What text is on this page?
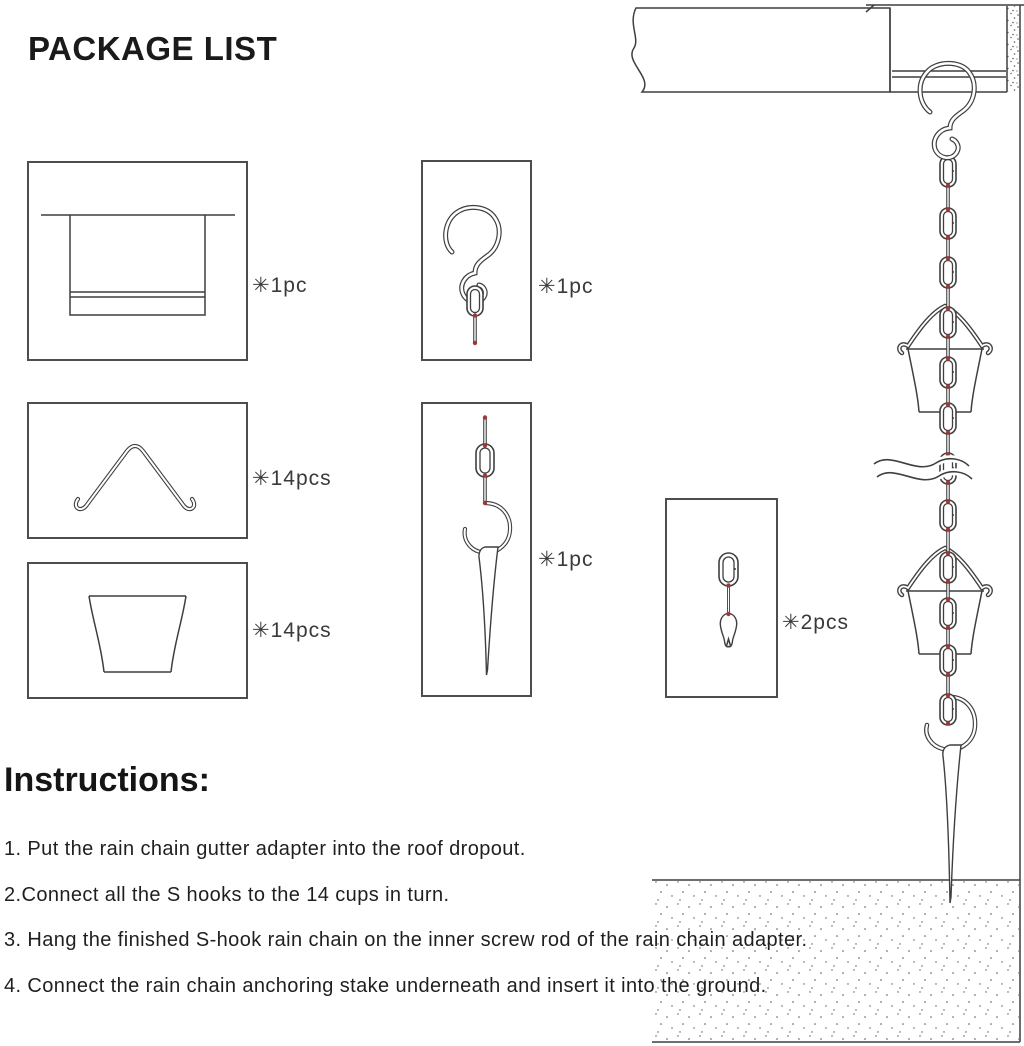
PACKAGE LIST
✳1pc
✳14pcs
✳14pcs
✳1pc
✳1pc
✳2pcs
Instructions:

1. Put the rain chain gutter adapter into the roof dropout.

2.Connect all the S hooks to the 14 cups in turn.

3. Hang the finished S-hook rain chain on the inner screw rod of the rain chain adapter.

4. Connect the rain chain anchoring stake underneath and insert it into the ground.
